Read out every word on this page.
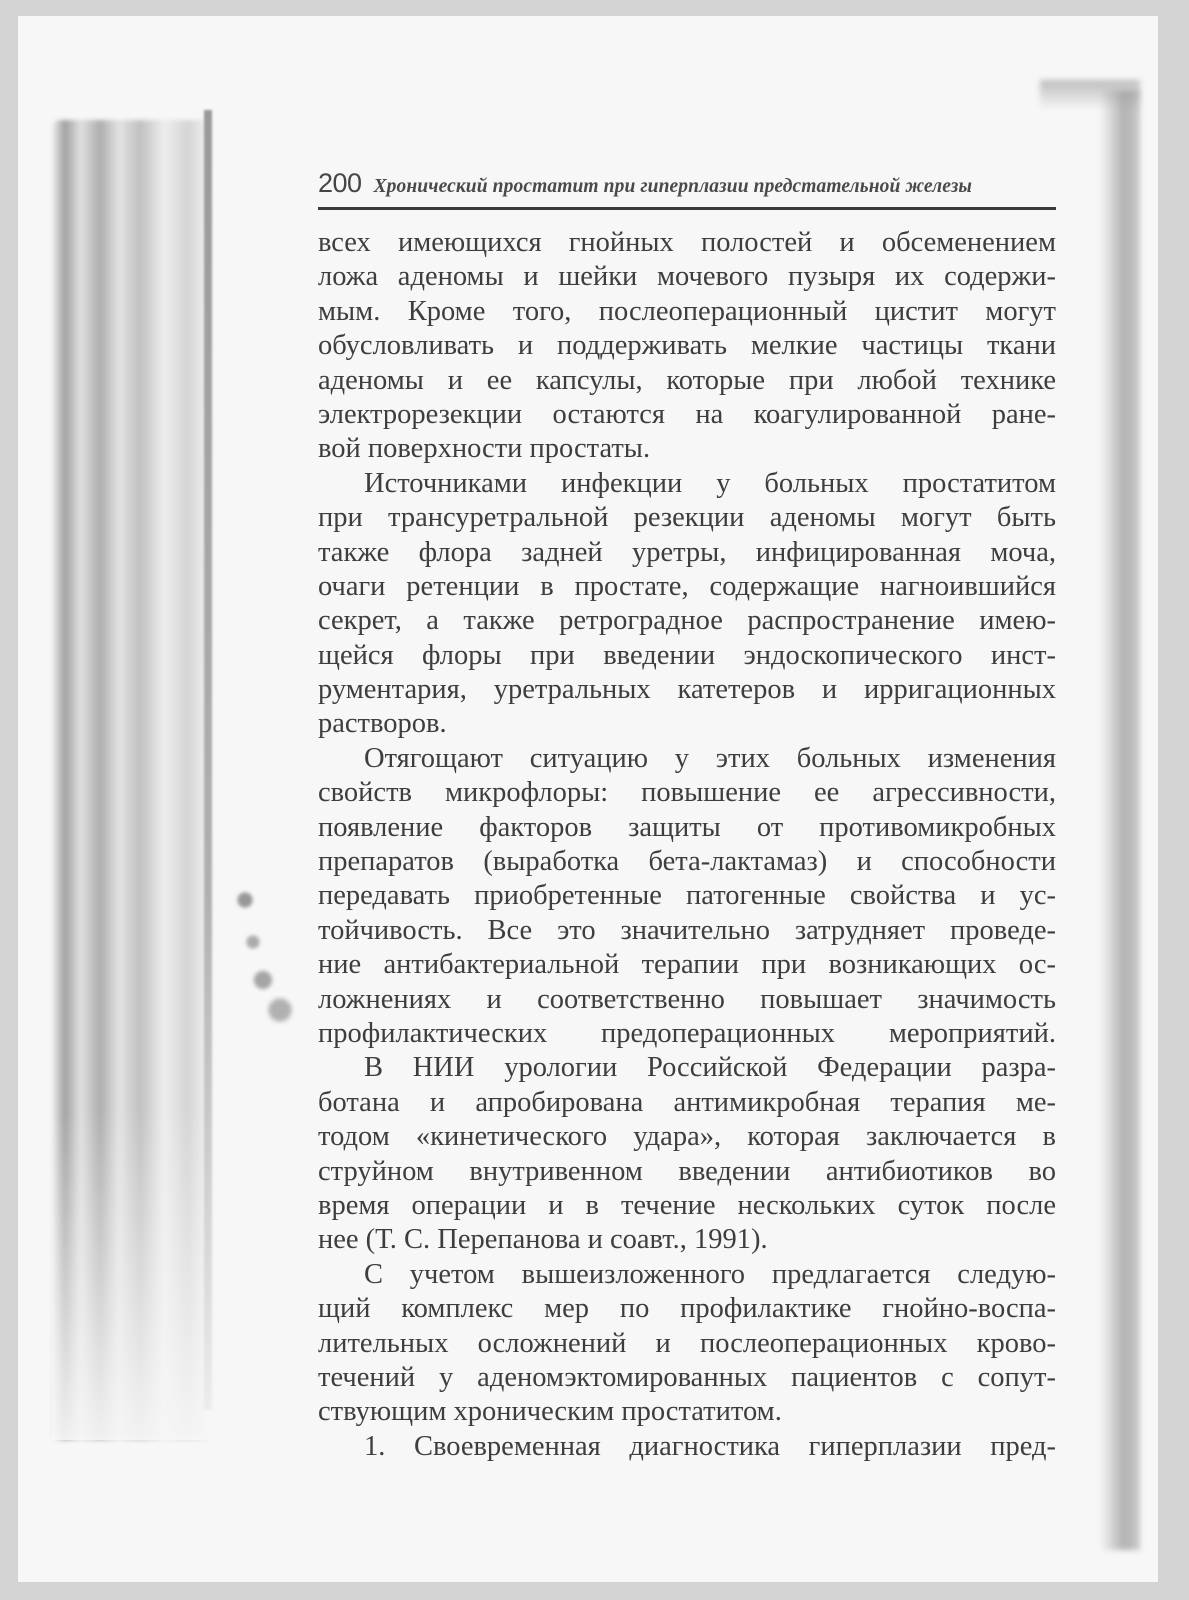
200 Хронический простатит при гиперплазии предстательной железы
всех имеющихся гнойных полостей и обсеменением
ложа аденомы и шейки мочевого пузыря их содержи-
мым. Кроме того, послеоперационный цистит могут
обусловливать и поддерживать мелкие частицы ткани
аденомы и ее капсулы, которые при любой технике
электрорезекции остаются на коагулированной ране-
вой поверхности простаты.
Источниками инфекции у больных простатитом
при трансуретральной резекции аденомы могут быть
также флора задней уретры, инфицированная моча,
очаги ретенции в простате, содержащие нагноившийся
секрет, а также ретроградное распространение имею-
щейся флоры при введении эндоскопического инст-
рументария, уретральных катетеров и ирригационных
растворов.
Отягощают ситуацию у этих больных изменения
свойств микрофлоры: повышение ее агрессивности,
появление факторов защиты от противомикробных
препаратов (выработка бета-лактамаз) и способности
передавать приобретенные патогенные свойства и ус-
тойчивость. Все это значительно затрудняет проведе-
ние антибактериальной терапии при возникающих ос-
ложнениях и соответственно повышает значимость
профилактических предоперационных мероприятий.
В НИИ урологии Российской Федерации разра-
ботана и апробирована антимикробная терапия ме-
тодом «кинетического удара», которая заключается в
струйном внутривенном введении антибиотиков во
время операции и в течение нескольких суток после
нее (Т. С. Перепанова и соавт., 1991).
С учетом вышеизложенного предлагается следую-
щий комплекс мер по профилактике гнойно-воспа-
лительных осложнений и послеоперационных крово-
течений у аденомэктомированных пациентов с сопут-
ствующим хроническим простатитом.
1. Своевременная диагностика гиперплазии пред-
